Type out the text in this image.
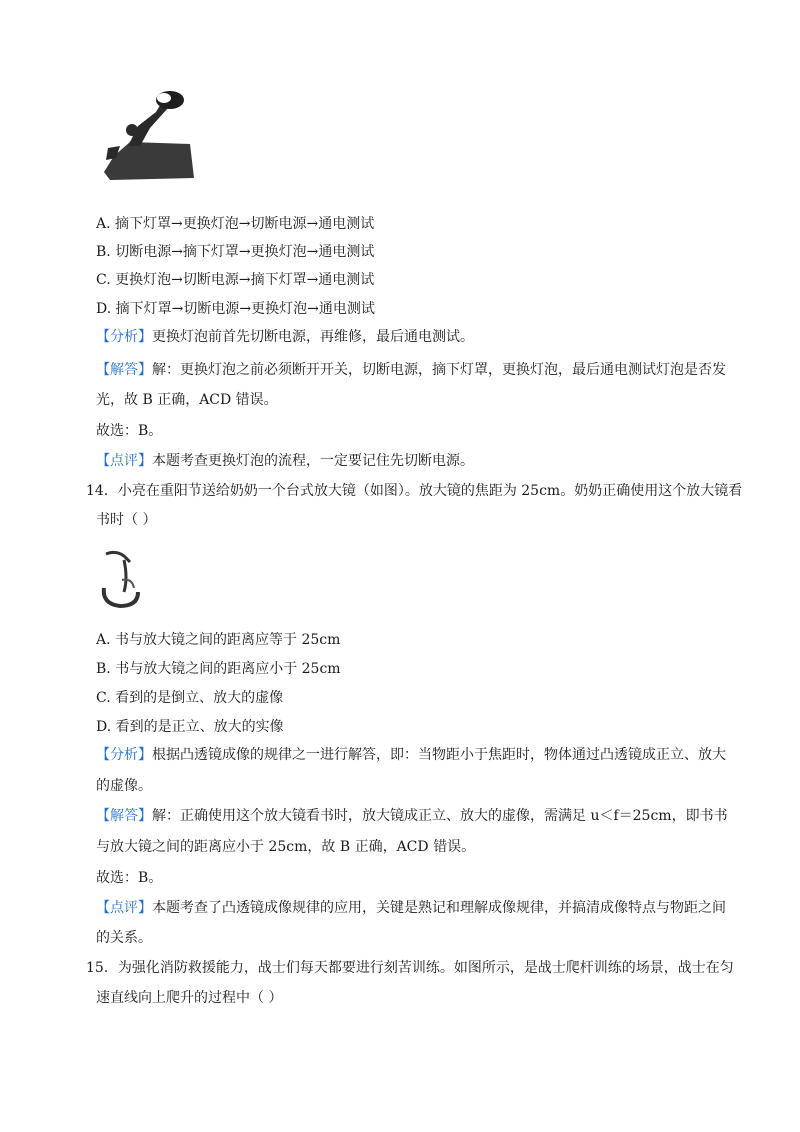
A. 摘下灯罩→更换灯泡→切断电源→通电测试
B. 切断电源→摘下灯罩→更换灯泡→通电测试
C. 更换灯泡→切断电源→摘下灯罩→通电测试
D. 摘下灯罩→切断电源→更换灯泡→通电测试
【分析】更换灯泡前首先切断电源，再维修，最后通电测试。
【解答】解：更换灯泡之前必须断开开关，切断电源，摘下灯罩，更换灯泡，最后通电测试灯泡是否发
光，故 B 正确，ACD 错误。
故选：B。
【点评】本题考查更换灯泡的流程，一定要记住先切断电源。
14．小亮在重阳节送给奶奶一个台式放大镜（如图）。放大镜的焦距为 25cm。奶奶正确使用这个放大镜看
书时（ ）
A. 书与放大镜之间的距离应等于 25cm
B. 书与放大镜之间的距离应小于 25cm
C. 看到的是倒立、放大的虚像
D. 看到的是正立、放大的实像
【分析】根据凸透镜成像的规律之一进行解答，即：当物距小于焦距时，物体通过凸透镜成正立、放大
的虚像。
【解答】解：正确使用这个放大镜看书时，放大镜成正立、放大的虚像，需满足 u＜f＝25cm，即书书
与放大镜之间的距离应小于 25cm，故 B 正确，ACD 错误。
故选：B。
【点评】本题考查了凸透镜成像规律的应用，关键是熟记和理解成像规律，并搞清成像特点与物距之间
的关系。
15．为强化消防救援能力，战士们每天都要进行刻苦训练。如图所示，是战士爬杆训练的场景，战士在匀
速直线向上爬升的过程中（ ）
